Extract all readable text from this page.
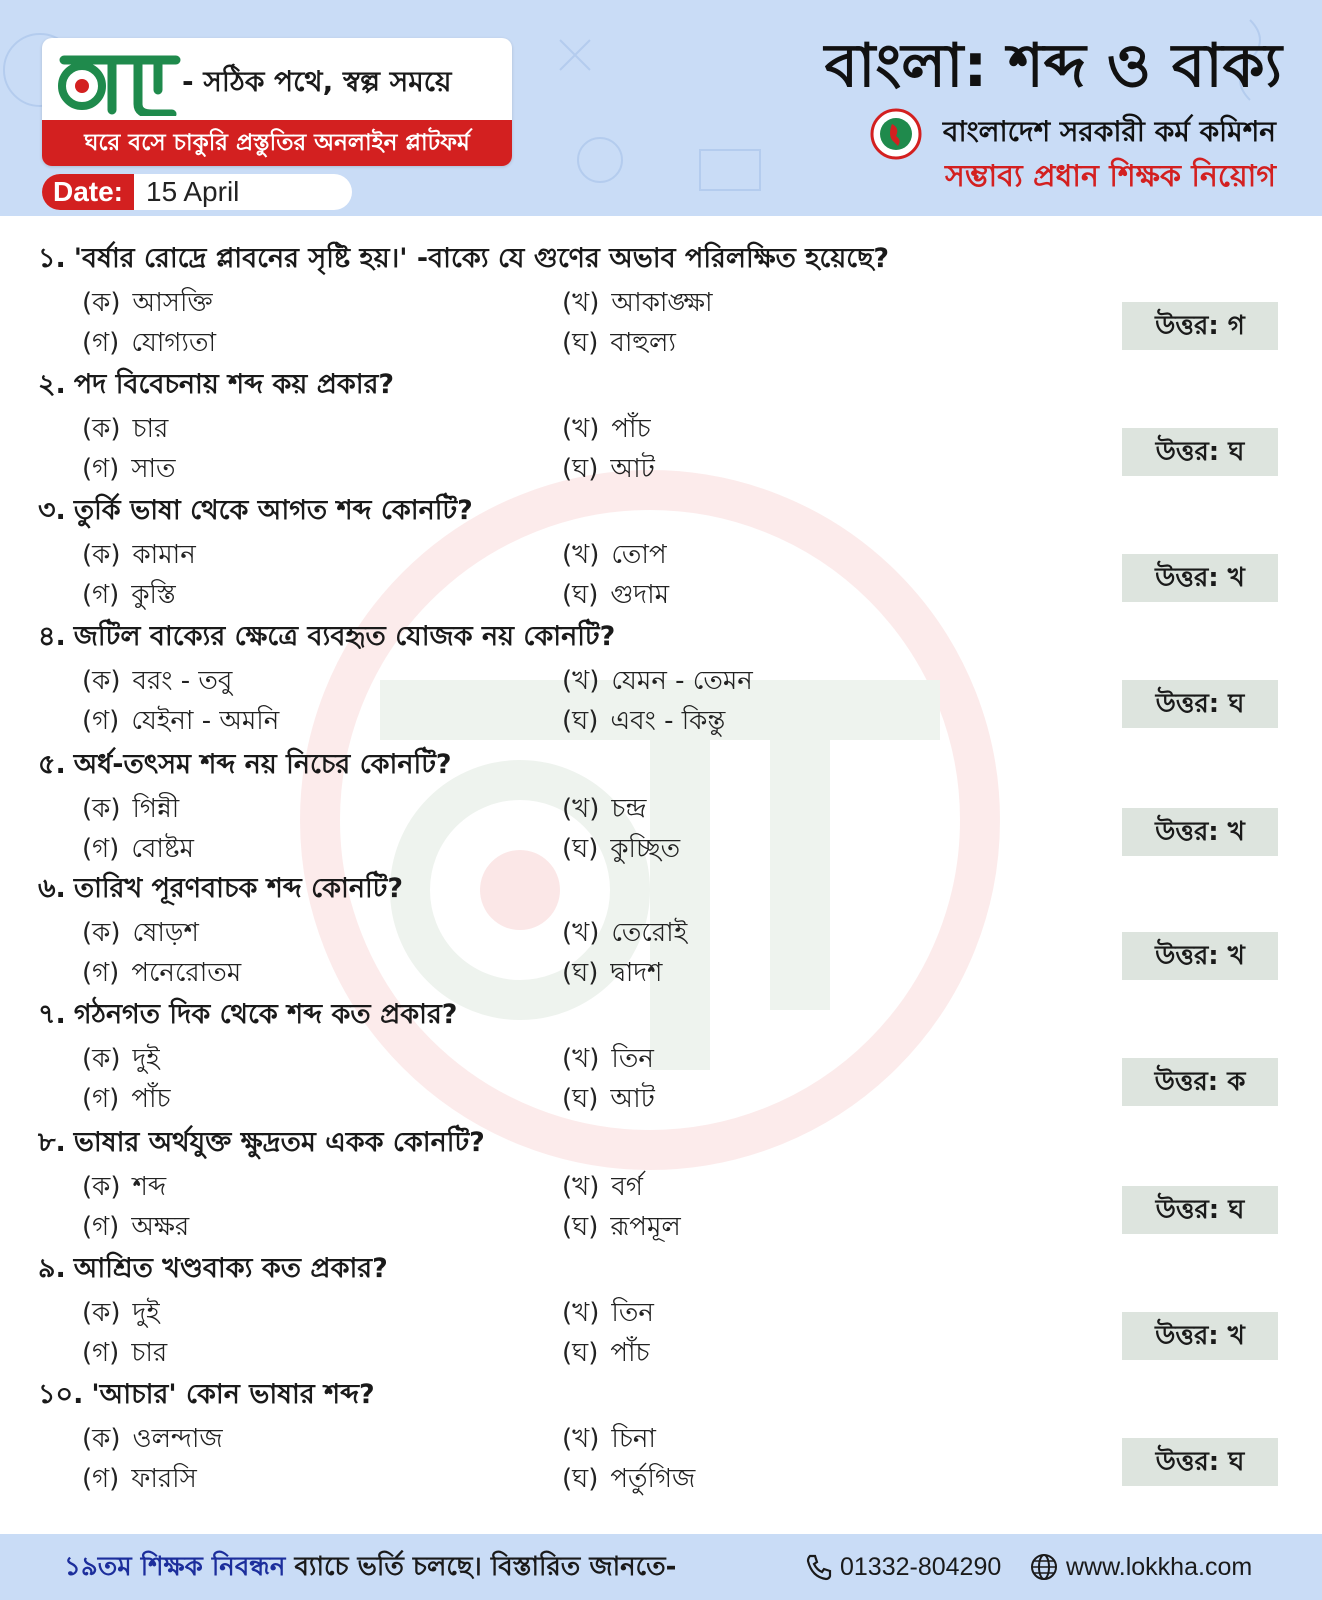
- সঠিক পথে, স্বল্প সময়ে
ঘরে বসে চাকুরি প্রস্তুতির অনলাইন প্লাটফর্ম
Date: 15 April
বাংলা: শব্দ ও বাক্য
বাংলাদেশ সরকারী কর্ম কমিশন
সম্ভাব্য প্রধান শিক্ষক নিয়োগ
১. 'বর্ষার রোদ্রে প্লাবনের সৃষ্টি হয়।' -বাক্যে যে গুণের অভাব পরিলক্ষিত হয়েছে?
(ক) আসক্তি	(খ) আকাঙ্ক্ষা
(গ) যোগ্যতা	(ঘ) বাহুল্য
উত্তর: গ
২. পদ বিবেচনায় শব্দ কয় প্রকার?
(ক) চার	(খ) পাঁচ
(গ) সাত	(ঘ) আট
উত্তর: ঘ
৩. তুর্কি ভাষা থেকে আগত শব্দ কোনটি?
(ক) কামান	(খ) তোপ
(গ) কুস্তি	(ঘ) গুদাম
উত্তর: খ
৪. জটিল বাক্যের ক্ষেত্রে ব্যবহৃত যোজক নয় কোনটি?
(ক) বরং - তবু	(খ) যেমন - তেমন
(গ) যেইনা - অমনি	(ঘ) এবং - কিন্তু
উত্তর: ঘ
৫. অর্ধ-তৎসম শব্দ নয় নিচের কোনটি?
(ক) গিন্নী	(খ) চন্দ্র
(গ) বোষ্টম	(ঘ) কুচ্ছিত
উত্তর: খ
৬. তারিখ পূরণবাচক শব্দ কোনটি?
(ক) ষোড়শ	(খ) তেরোই
(গ) পনেরোতম	(ঘ) দ্বাদশ
উত্তর: খ
৭. গঠনগত দিক থেকে শব্দ কত প্রকার?
(ক) দুই	(খ) তিন
(গ) পাঁচ	(ঘ) আট
উত্তর: ক
৮. ভাষার অর্থযুক্ত ক্ষুদ্রতম একক কোনটি?
(ক) শব্দ	(খ) বর্গ
(গ) অক্ষর	(ঘ) রূপমূল
উত্তর: ঘ
৯. আশ্রিত খণ্ডবাক্য কত প্রকার?
(ক) দুই	(খ) তিন
(গ) চার	(ঘ) পাঁচ
উত্তর: খ
১০. 'আচার' কোন ভাষার শব্দ?
(ক) ওলন্দাজ	(খ) চিনা
(গ) ফারসি	(ঘ) পর্তুগিজ
উত্তর: ঘ
১৯তম শিক্ষক নিবন্ধন ব্যাচে ভর্তি চলছে। বিস্তারিত জানতে-	01332-804290	www.lokkha.com
